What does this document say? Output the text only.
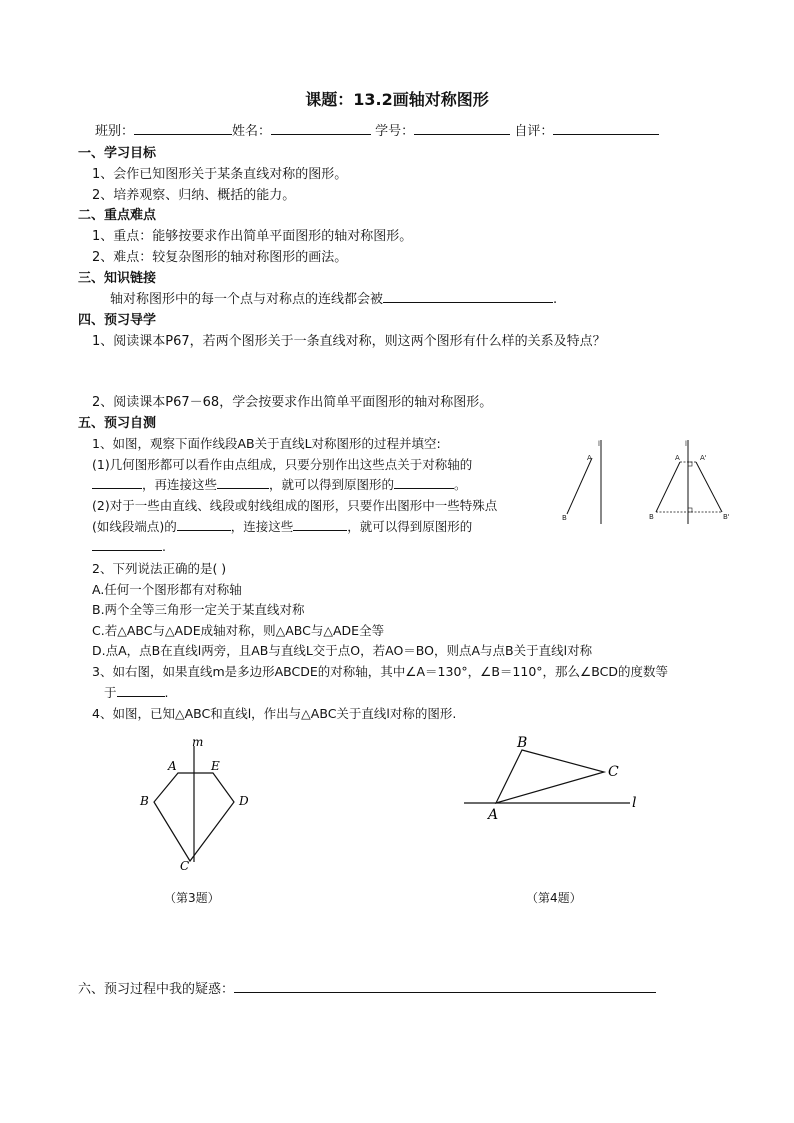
课题：13.2画轴对称图形
班别：	姓名：	学号：	自评：
一、学习目标
1、会作已知图形关于某条直线对称的图形。
2、培养观察、归纳、概括的能力。
二、重点难点
1、重点：能够按要求作出简单平面图形的轴对称图形。
2、难点：较复杂图形的轴对称图形的画法。
三、知识链接
轴对称图形中的每一个点与对称点的连线都会被	.
四、预习导学
1、阅读课本P67，若两个图形关于一条直线对称，则这两个图形有什么样的关系及特点？
2、阅读课本P67－68，学会按要求作出简单平面图形的轴对称图形。
五、预习自测
1、如图，观察下面作线段AB关于直线L对称图形的过程并填空:
(1)几何图形都可以看作由点组成，只要分别作出这些点关于对称轴的
，再连接这些	，就可以得到原图形的	。
(2)对于一些由直线、线段或射线组成的图形，只要作出图形中一些特殊点
(如线段端点)的	，连接这些	，就可以得到原图形的
.
l
A
B
l
A	A'
B	B'
2、下列说法正确的是( )
A.任何一个图形都有对称轴
B.两个全等三角形一定关于某直线对称
C.若△ABC与△ADE成轴对称，则△ABC与△ADE全等
D.点A，点B在直线l两旁，且AB与直线L交于点O，若AO＝BO，则点A与点B关于直线l对称
3、如右图，如果直线m是多边形ABCDE的对称轴，其中∠A＝130°，∠B＝110°，那么∠BCD的度数等
于	.
4、如图，已知△ABC和直线l，作出与△ABC关于直线l对称的图形.
m
A	E
B	D
C
（第3题）
B
C
A
l
（第4题）
六、预习过程中我的疑惑：
